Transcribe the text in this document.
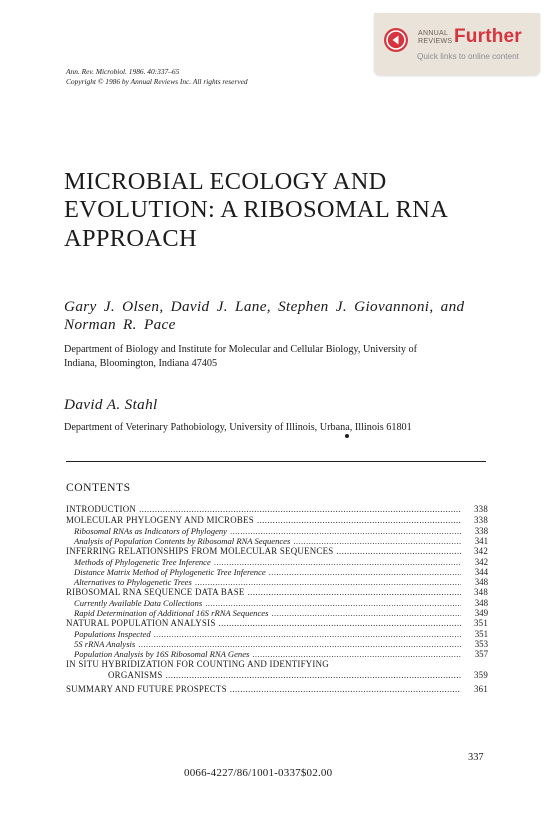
ANNUAL
REVIEWS Further
Quick links to online content
Ann. Rev. Microbiol. 1986. 40:337–65
Copyright © 1986 by Annual Reviews Inc. All rights reserved
MICROBIAL ECOLOGY AND
EVOLUTION: A RIBOSOMAL RNA
APPROACH
Gary J. Olsen, David J. Lane, Stephen J. Giovannoni, and
Norman R. Pace
Department of Biology and Institute for Molecular and Cellular Biology, University of
Indiana, Bloomington, Indiana 47405
David A. Stahl
Department of Veterinary Pathobiology, University of Illinois, Urbana, Illinois 61801
CONTENTS
INTRODUCTION .....	338
MOLECULAR PHYLOGENY AND MICROBES .....	338
Ribosomal RNAs as Indicators of Phylogeny .....	338
Analysis of Population Contents by Ribosomal RNA Sequences .....	341
INFERRING RELATIONSHIPS FROM MOLECULAR SEQUENCES .....	342
Methods of Phylogenetic Tree Inference .....	342
Distance Matrix Method of Phylogenetic Tree Inference .....	344
Alternatives to Phylogenetic Trees .....	348
RIBOSOMAL RNA SEQUENCE DATA BASE .....	348
Currently Available Data Collections .....	348
Rapid Determination of Additional 16S rRNA Sequences .....	349
NATURAL POPULATION ANALYSIS .....	351
Populations Inspected .....	351
5S rRNA Analysis .....	353
Population Analysis by 16S Ribosomal RNA Genes .....	357
IN SITU HYBRIDIZATION FOR COUNTING AND IDENTIFYING
ORGANISMS .....	359
SUMMARY AND FUTURE PROSPECTS .....	361
337
0066-4227/86/1001-0337$02.00
